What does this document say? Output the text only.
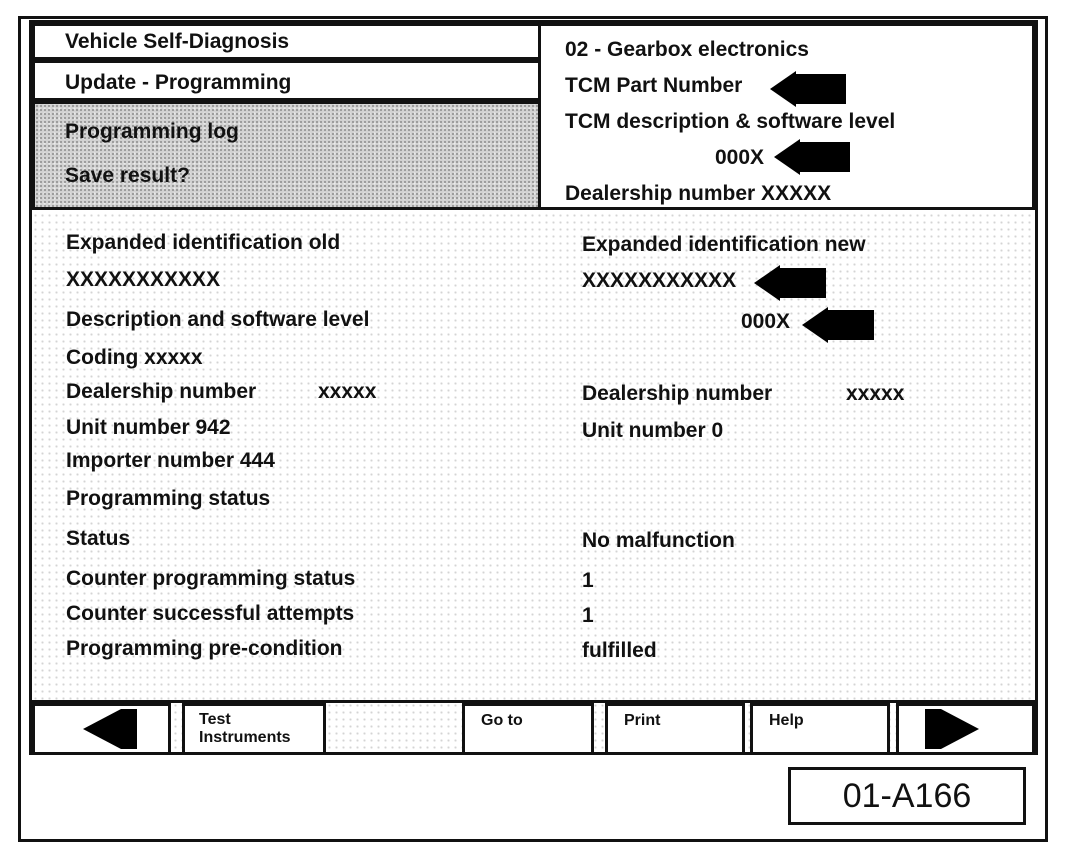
Vehicle Self-Diagnosis
Update - Programming
Programming log
Save result?
02 - Gearbox electronics
TCM Part Number
TCM description & software level
000X
Dealership number XXXXX
Expanded identification old
XXXXXXXXXXX
Description and software level
Coding xxxxx
Dealership number	xxxxx
Unit number 942
Importer number 444
Expanded identification new
XXXXXXXXXXX
000X
Dealership number	xxxxx
Unit number 0
Programming status
Status	No malfunction
Counter programming status	1
Counter successful attempts	1
Programming pre-condition	fulfilled
Test
Instruments
Go to	Print	Help
01-A166
